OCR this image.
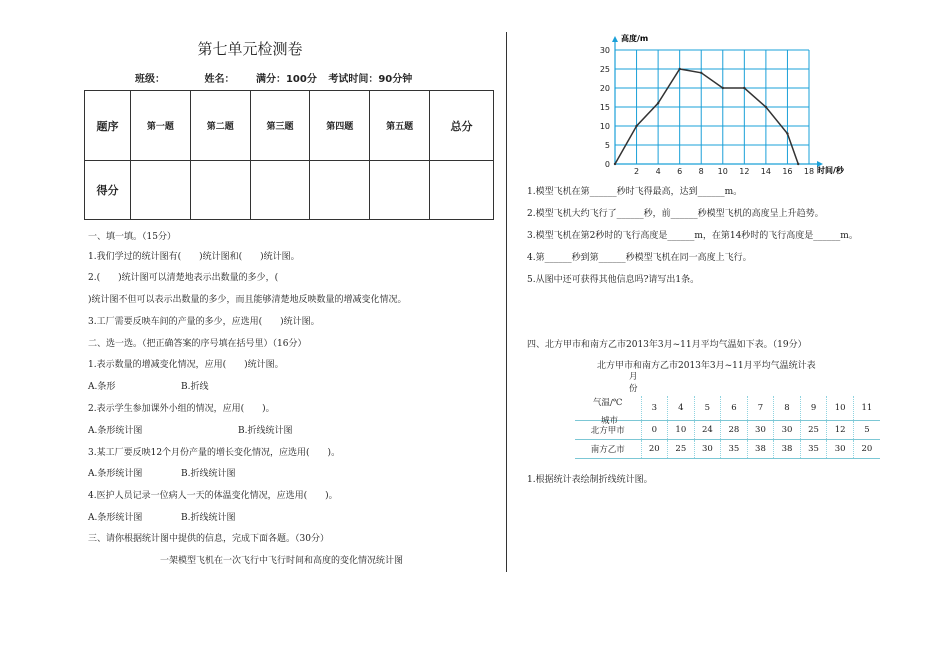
第七单元检测卷
班级：	姓名： 满分：100分 考试时间：90分钟
题序	第一题	第二题	第三题	第四题	第五题	总分
得分						
一、填一填。（15分）
1.我们学过的统计图有(　　)统计图和(　　)统计图。
2.(　　)统计图可以清楚地表示出数量的多少，(
)统计图不但可以表示出数量的多少，而且能够清楚地反映数量的增减变化情况。
3.工厂需要反映车间的产量的多少，应选用(　　)统计图。
二、选一选。（把正确答案的序号填在括号里）（16分）
1.表示数量的增减变化情况，应用(　　)统计图。
A.条形	B.折线
2.表示学生参加课外小组的情况，应用(　　)。
A.条形统计图	B.折线统计图
3.某工厂要反映12个月份产量的增长变化情况，应选用(　　)。
A.条形统计图	B.折线统计图
4.医护人员记录一位病人一天的体温变化情况，应选用(　　)。
A.条形统计图	B.折线统计图
三、请你根据统计图中提供的信息，完成下面各题。（30分）
一架模型飞机在一次飞行中飞行时间和高度的变化情况统计图
0
5
10
15
20
25
30
2 4 6 8 10 12 14 16 18
高度/m
时间/秒
1.模型飞机在第______秒时飞得最高，达到______m。
2.模型飞机大约飞行了______秒，前______秒模型飞机的高度呈上升趋势。
3.模型飞机在第2秒时的飞行高度是______m，在第14秒时的飞行高度是______m。
4.第______秒到第______秒模型飞机在同一高度上飞行。
5.从图中还可获得其他信息吗?请写出1条。
四、北方甲市和南方乙市2013年3月~11月平均气温如下表。（19分）
北方甲市和南方乙市2013年3月~11月平均气温统计表
月份									

气温/℃
城市	3	4	5	6	7	8	9	10	11
北方甲市	0	10	24	28	30	30	25	12	5
南方乙市	20	25	30	35	38	38	35	30	20
1.根据统计表绘制折线统计图。
